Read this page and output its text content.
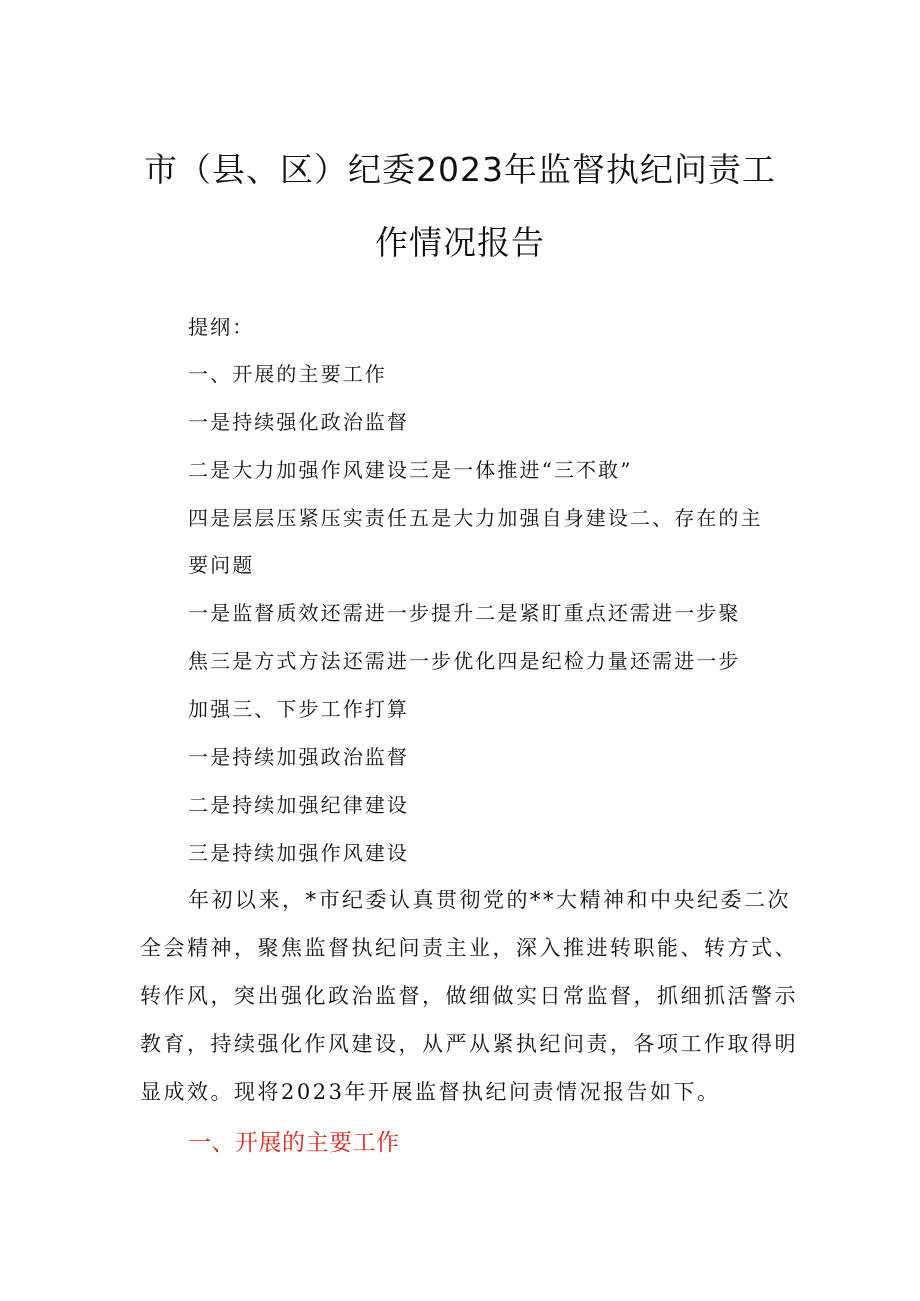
市（县、区）纪委2023年监督执纪问责工
作情况报告
提纲：
一、开展的主要工作
一是持续强化政治监督
二是大力加强作风建设三是一体推进“三不敢”
四是层层压紧压实责任五是大力加强自身建设二、存在的主
要问题
一是监督质效还需进一步提升二是紧盯重点还需进一步聚
焦三是方式方法还需进一步优化四是纪检力量还需进一步
加强三、下步工作打算
一是持续加强政治监督
二是持续加强纪律建设
三是持续加强作风建设
年初以来，*市纪委认真贯彻党的**大精神和中央纪委二次
全会精神，聚焦监督执纪问责主业，深入推进转职能、转方式、
转作风，突出强化政治监督，做细做实日常监督，抓细抓活警示
教育，持续强化作风建设，从严从紧执纪问责，各项工作取得明
显成效。现将2023年开展监督执纪问责情况报告如下。
一、开展的主要工作
